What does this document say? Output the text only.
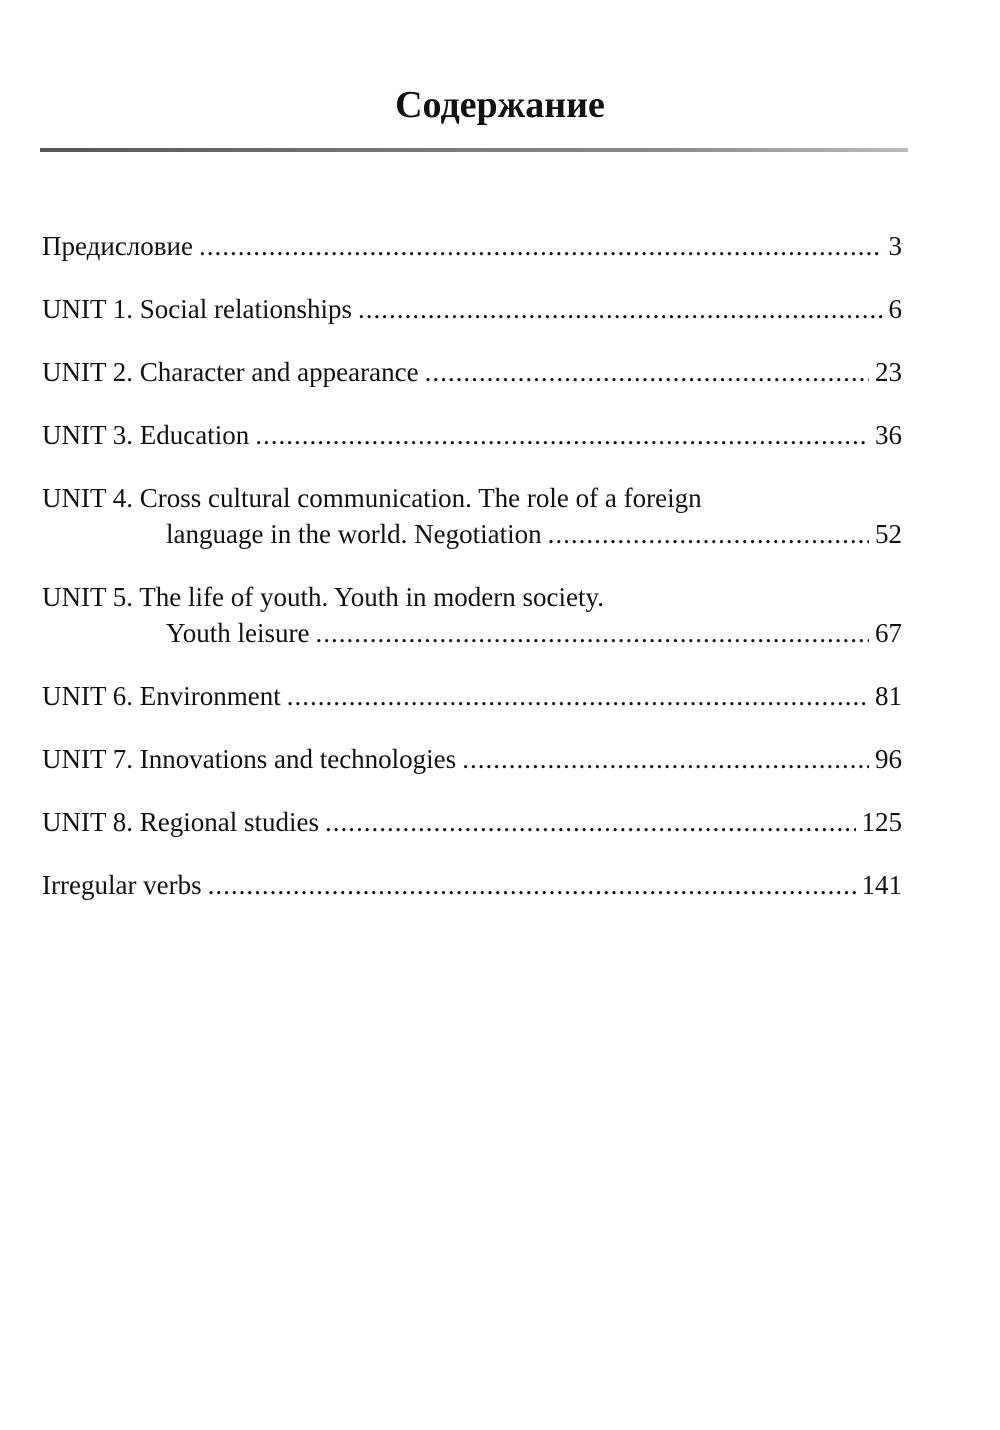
Содержание
Предисловие .....	3
UNIT 1. Social relationships .....	6
UNIT 2. Character and appearance .....	23
UNIT 3. Education .....	36
UNIT 4. Cross cultural communication. The role of a foreign
language in the world. Negotiation .....	52
UNIT 5. The life of youth. Youth in modern society.
Youth leisure .....	67
UNIT 6. Environment .....	81
UNIT 7. Innovations and technologies .....	96
UNIT 8. Regional studies .....	125
Irregular verbs .....	141
